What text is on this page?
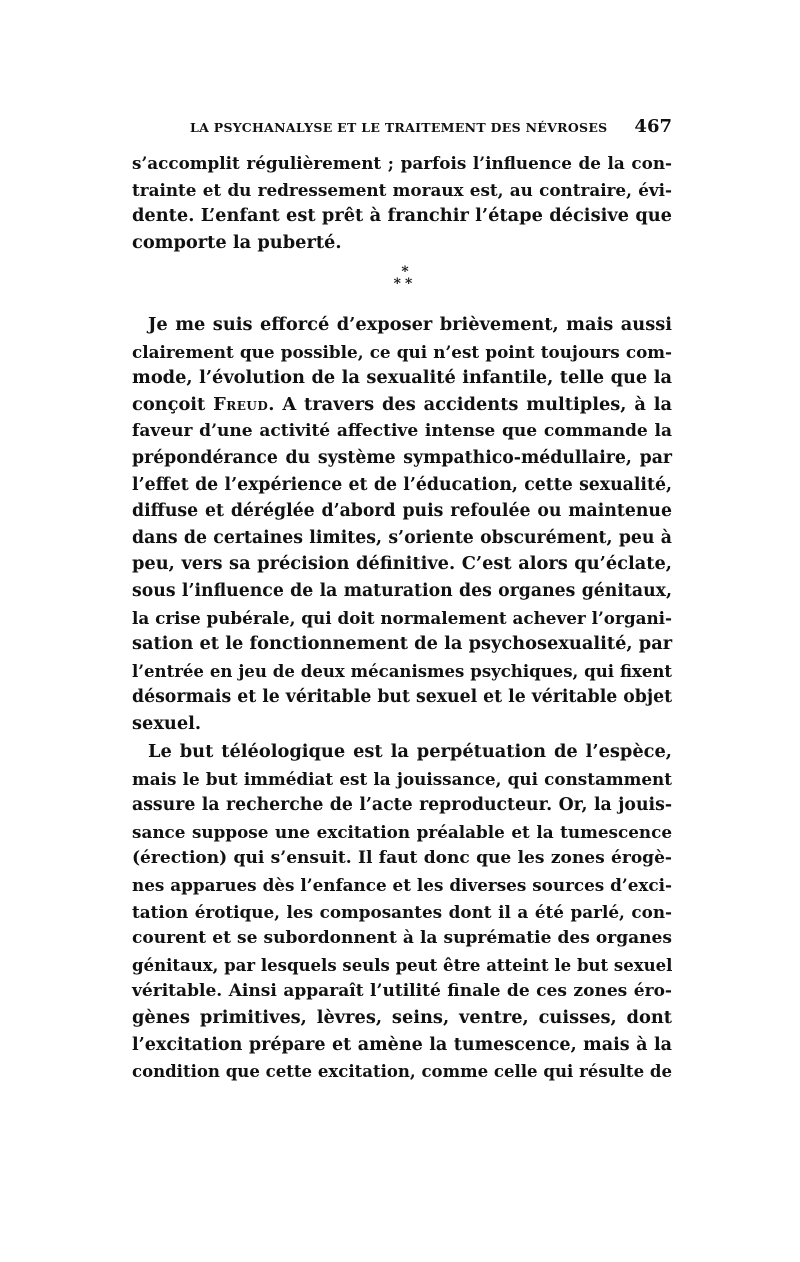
LA PSYCHANALYSE ET LE TRAITEMENT DES NÉVROSES 467
s’accomplit régulièrement ; parfois l’influence de la con-
trainte et du redressement moraux est, au contraire, évi-
dente. L’enfant est prêt à franchir l’étape décisive que
comporte la puberté.
*
**
Je me suis efforcé d’exposer brièvement, mais aussi
clairement que possible, ce qui n’est point toujours com-
mode, l’évolution de la sexualité infantile, telle que la
conçoit Freud. A travers des accidents multiples, à la
faveur d’une activité affective intense que commande la
prépondérance du système sympathico-médullaire, par
l’effet de l’expérience et de l’éducation, cette sexualité,
diffuse et déréglée d’abord puis refoulée ou maintenue
dans de certaines limites, s’oriente obscurément, peu à
peu, vers sa précision définitive. C’est alors qu’éclate,
sous l’influence de la maturation des organes génitaux,
la crise pubérale, qui doit normalement achever l’organi-
sation et le fonctionnement de la psychosexualité, par
l’entrée en jeu de deux mécanismes psychiques, qui fixent
désormais et le véritable but sexuel et le véritable objet
sexuel.
Le but téléologique est la perpétuation de l’espèce,
mais le but immédiat est la jouissance, qui constamment
assure la recherche de l’acte reproducteur. Or, la jouis-
sance suppose une excitation préalable et la tumescence
(érection) qui s’ensuit. Il faut donc que les zones érogè-
nes apparues dès l’enfance et les diverses sources d’exci-
tation érotique, les composantes dont il a été parlé, con-
courent et se subordonnent à la suprématie des organes
génitaux, par lesquels seuls peut être atteint le but sexuel
véritable. Ainsi apparaît l’utilité finale de ces zones éro-
gènes primitives, lèvres, seins, ventre, cuisses, dont
l’excitation prépare et amène la tumescence, mais à la
condition que cette excitation, comme celle qui résulte de
